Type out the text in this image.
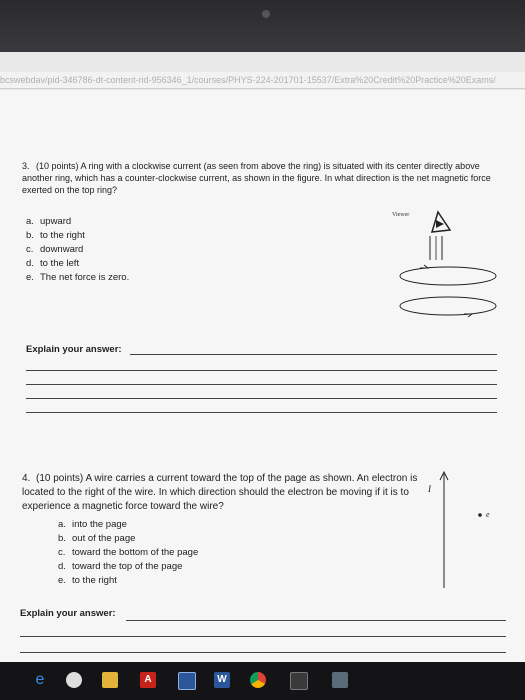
bcswebdav/pid-346786-dt-content-rid-956346_1/courses/PHYS-224-201701-15537/Extra%20Credit%20Practice%20Exams/
3. (10 points) A ring with a clockwise current (as seen from above the ring) is situated with its center directly above another ring, which has a counter-clockwise current, as shown in the figure. In what direction is the net magnetic force exerted on the top ring?
a. upward
b. to the right
c. downward
d. to the left
e. The net force is zero.
Viewer
Explain your answer:
4. (10 points) A wire carries a current toward the top of the page as shown. An electron is located to the right of the wire. In which direction should the electron be moving if it is to experience a magnetic force toward the wire?
a. into the page
b. out of the page
c. toward the bottom of the page
d. toward the top of the page
e. to the right
I
e
Explain your answer:
e	A	W
